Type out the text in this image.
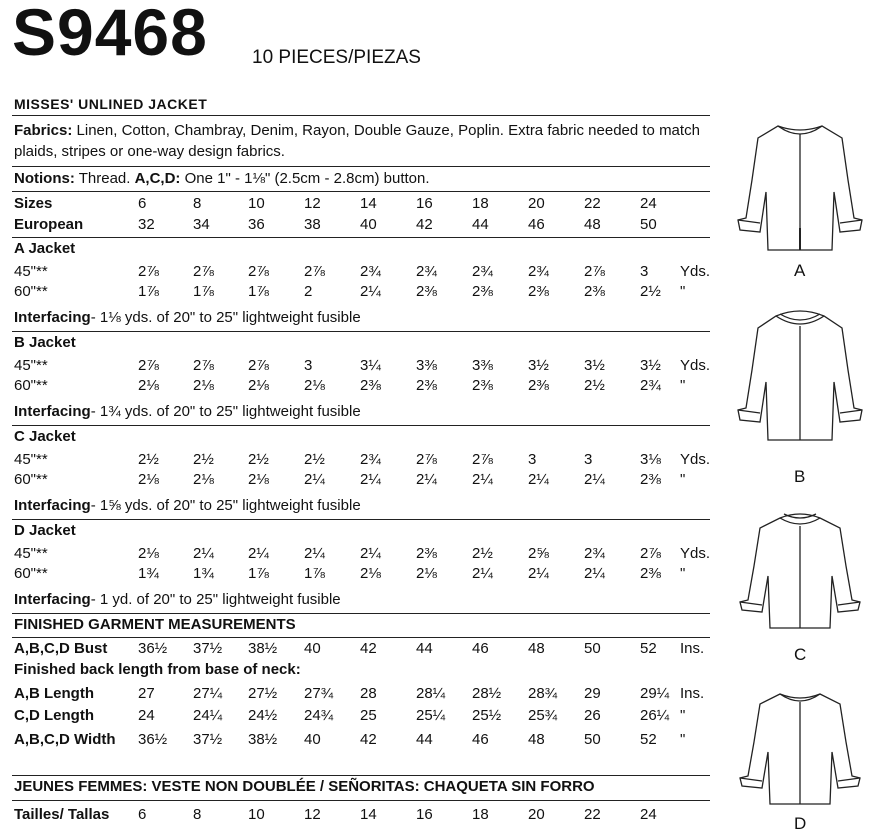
S9468 10 PIECES/PIEZAS
MISSES' UNLINED JACKET
Fabrics: Linen, Cotton, Chambray, Denim, Rayon, Double Gauze, Poplin. Extra fabric needed to match plaids, stripes or one-way design fabrics.
Notions: Thread. A,C,D: One 1" - 1⅛" (2.5cm - 2.8cm) button.
Sizes	6	8	10	12	14	16	18	20	22	24
European	32	34	36	38	40	42	44	46	48	50
A Jacket
45"**	2⅞ 2⅞ 2⅞ 2⅞ 2¾ 2¾ 2¾ 2¾ 2⅞ 3 Yds.
60"**	1⅞ 1⅞ 1⅞ 2	2¼ 2⅜ 2⅜ 2⅜ 2⅜ 2½ "
Interfacing- 1⅛ yds. of 20" to 25" lightweight fusible
B Jacket
45"**	2⅞ 2⅞ 2⅞ 3	3¼ 3⅜ 3⅜ 3½ 3½ 3½ Yds.
60"**	2⅛ 2⅛ 2⅛ 2⅛ 2⅜ 2⅜ 2⅜ 2⅜ 2½ 2¾ "
Interfacing- 1¾ yds. of 20" to 25" lightweight fusible
C Jacket
45"**	2½ 2½ 2½ 2½ 2¾ 2⅞ 2⅞ 3	3	3⅛ Yds.
60"**	2⅛ 2⅛ 2⅛ 2¼ 2¼ 2¼ 2¼ 2¼ 2¼ 2⅜ "
Interfacing- 1⅝ yds. of 20" to 25" lightweight fusible
D Jacket
45"**	2⅛ 2¼ 2¼ 2¼ 2¼ 2⅜ 2½ 2⅝ 2¾ 2⅞ Yds.
60"**	1¾ 1¾ 1⅞ 1⅞ 2⅛ 2⅛ 2¼ 2¼ 2¼ 2⅜ "
Interfacing- 1 yd. of 20" to 25" lightweight fusible
FINISHED GARMENT MEASUREMENTS
A,B,C,D Bust 36½ 37½ 38½ 40	42	44	46	48	50	52 Ins.
Finished back length from base of neck:
A,B Length	27	27¼ 27½ 27¾ 28	28¼ 28½ 28¾ 29	29¼ Ins.
C,D Length	24	24¼ 24½ 24¾ 25	25¼ 25½ 25¾ 26	26¼ "
A,B,C,D Width 36½ 37½ 38½ 40	42	44	46	48	50	52 "
JEUNES FEMMES: VESTE NON DOUBLÉE / SEÑORITAS: CHAQUETA SIN FORRO
Tailles/ Tallas 6	8	10	12	14	16	18	20	22	24
A
B
C
D
